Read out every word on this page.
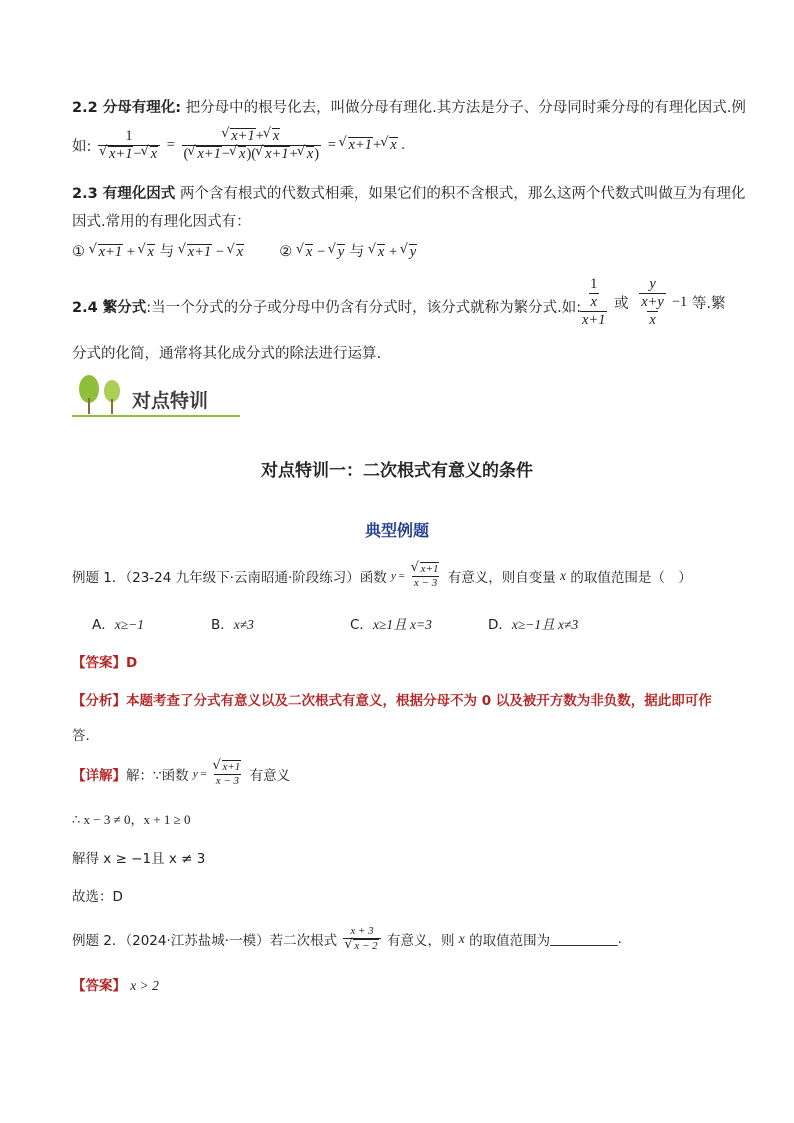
2.2 分母有理化: 把分母中的根号化去，叫做分母有理化.其方法是分子、分母同时乘分母的有理化因式.例
如: 1
√ x+1− √ x = √ $\frac{x+1+ √ x}{( √ x+1- √ x)( √ x+1+ √ x)}$ = √ x+1+ √ x .
2.3 有理化因式 两个含有根式的代数式相乘，如果它们的积不含根式，那么这两个代数式叫做互为有理化
因式.常用的有理化因式有：
① √ x+1 + √ x 与 √ x+1 − √ x ② √ x − √ y 与 √ x + √ y
2.4 繁分式:当一个分式的分子或分母中仍含有分式时，该分式就称为繁分式.如:
$\frac{\frac{1}{x}}{x+1}$ 或 $\frac{\frac{y}{x+y}}{x} -1$ 等.繁
分式的化简，通常将其化成分式的除法进行运算.
对点特训
对点特训一：二次根式有意义的条件
典型例题
例题 1．（23-24 九年级下·云南昭通·阶段练习）函数 y = √ $\frac{x+1}{x - 3}$ 有意义，则自变量 x 的取值范围是（　）
A．x≥−1	B．x≠3	C．x≥1且 x=3	D．x≥−1且 x≠3
【答案】D
【分析】本题考查了分式有意义以及二次根式有意义，根据分母不为 0 以及被开方数为非负数，据此即可作
答.
【详解】解：∵函数 y = √ $\frac{x+1}{x - 3}$ 有意义
∴ x − 3 ≠ 0，x + 1 ≥ 0
解得 x ≥ −1且 x ≠ 3
故选：D
例题 2．（2024·江苏盐城·一模）若二次根式 x + 3
√ x − 2 有意义，则 x 的取值范围为__________.
【答案】 x > 2
